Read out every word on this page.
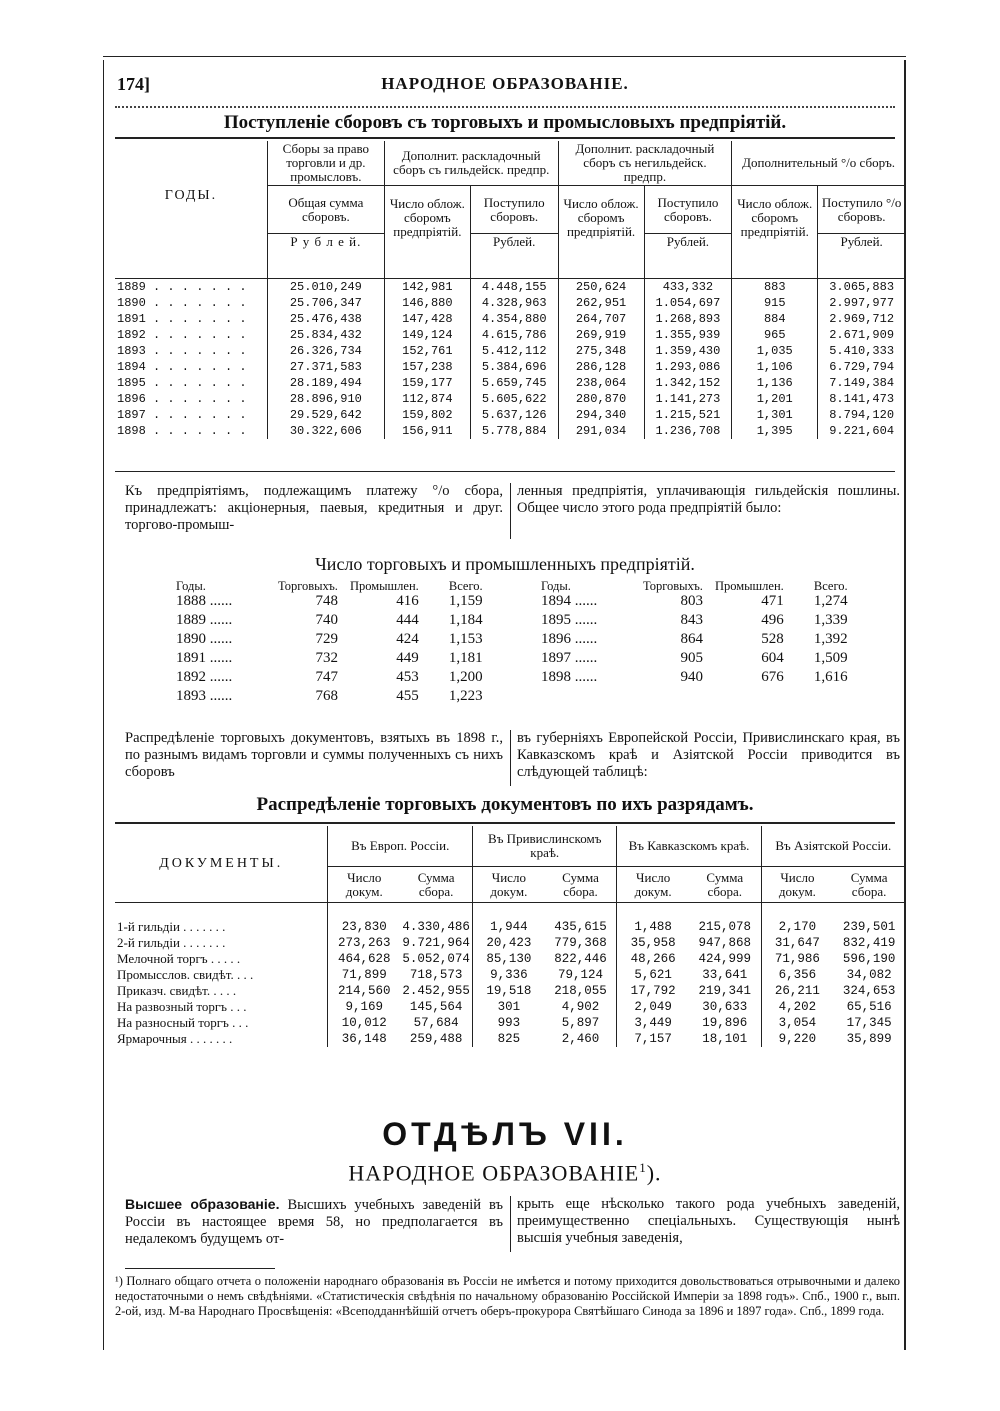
174]	НАРОДНОЕ ОБРАЗОВАНІЕ.
Поступленіе сборовъ съ торговыхъ и промысловыхъ предпріятій.
ГОДЫ.	Сборы за право торговли и др. промысловъ.	Дополнит. раскладочный сборъ съ гильдейск. предпр.		Дополнит. раскладочный сборъ съ негильдейск. предпр.		Дополнительный °/о сборъ.	
	Общая сумма сборовъ.	Число облож. сборомъ предпріятій.	Поступило сборовъ.	Число облож. сборомъ предпріятій.	Поступило сборовъ.	Число облож. сборомъ предпріятій.	Поступило °/о сборовъ.
	Р у б л е й.		Рублей.		Рублей.		Рублей.

1889 . . . . . . .	25.010,249	142,981	4.448,155	250,624	433,332	883	3.065,883
1890 . . . . . . .	25.706,347	146,880	4.328,963	262,951	1.054,697	915	2.997,977
1891 . . . . . . .	25.476,438	147,428	4.354,880	264,707	1.268,893	884	2.969,712
1892 . . . . . . .	25.834,432	149,124	4.615,786	269,919	1.355,939	965	2.671,909
1893 . . . . . . .	26.326,734	152,761	5.412,112	275,348	1.359,430	1,035	5.410,333
1894 . . . . . . .	27.371,583	157,238	5.384,696	286,128	1.293,086	1,106	6.729,794
1895 . . . . . . .	28.189,494	159,177	5.659,745	238,064	1.342,152	1,136	7.149,384
1896 . . . . . . .	28.896,910	112,874	5.605,622	280,870	1.141,273	1,201	8.141,473
1897 . . . . . . .	29.529,642	159,802	5.637,126	294,340	1.215,521	1,301	8.794,120
1898 . . . . . . .	30.322,606	156,911	5.778,884	291,034	1.236,708	1,395	9.221,604
Къ предпріятіямъ, подлежащимъ платежу °/о сбора, принадлежатъ: акціонерныя, паевыя, кредитныя и друг. торгово-промыш-
ленныя предпріятія, уплачивающія гильдейскія пошлины. Общее число этого рода предпріятій было:
Число торговыхъ и промышленныхъ предпріятій.
Годы.	Торговыхъ.	Промышлен.	Всего.
1888 ......	748	416	1,159
1889 ......	740	444	1,184
1890 ......	729	424	1,153
1891 ......	732	449	1,181
1892 ......	747	453	1,200
1893 ......	768	455	1,223
Годы.	Торговыхъ.	Промышлен.	Всего.
1894 ......	803	471	1,274
1895 ......	843	496	1,339
1896 ......	864	528	1,392
1897 ......	905	604	1,509
1898 ......	940	676	1,616
Распредѣленіе торговыхъ документовъ, взятыхъ въ 1898 г., по разнымъ видамъ торговли и суммы полученныхъ съ нихъ сборовъ
въ губерніяхъ Европейской Россіи, Привислинскаго края, въ Кавказскомъ краѣ и Азіятской Россіи приводится въ слѣдующей таблицѣ:
Распредѣленіе торговыхъ документовъ по ихъ разрядамъ.
ДОКУМЕНТЫ.	Въ Европ. Россіи.		Въ Привислинскомъ краѣ.		Въ Кавказскомъ краѣ.		Въ Азіятской Россіи.	
	Число докум.	Сумма сбора.	Число докум.	Сумма сбора.	Число докум.	Сумма сбора.	Число докум.	Сумма сбора.

1-й гильдіи . . . . . . .	23,830	4.330,486	1,944	435,615	1,488	215,078	2,170	239,501
2-й гильдіи . . . . . . .	273,263	9.721,964	20,423	779,368	35,958	947,868	31,647	832,419
Мелочной торгъ . . . . .	464,628	5.052,074	85,130	822,446	48,266	424,999	71,986	596,190
Промысслов. свидѣт. . . .	71,899	718,573	9,336	79,124	5,621	33,641	6,356	34,082
Приказч. свидѣт. . . . .	214,560	2.452,955	19,518	218,055	17,792	219,341	26,211	324,653
На развозный торгъ . . .	9,169	145,564	301	4,902	2,049	30,633	4,202	65,516
На разносный торгъ . . .	10,012	57,684	993	5,897	3,449	19,896	3,054	17,345
Ярмарочныя . . . . . . .	36,148	259,488	825	2,460	7,157	18,101	9,220	35,899
ОТДѢЛЪ VII.
НАРОДНОЕ ОБРАЗОВАНІЕ$^1$).
Высшее образованіе. Высшихъ учебныхъ заведеній въ Россіи въ настоящее время 58, но предполагается въ недалекомъ будущемъ от-
крыть еще нѣсколько такого рода учебныхъ заведеній, преимущественно спеціальныхъ. Существующія нынѣ высшія учебныя заведенія,
¹) Полнаго общаго отчета о положеніи народнаго образованія въ Россіи не имѣется и потому приходится довольствоваться отрывочными и далеко недостаточными о немъ свѣдѣніями. «Статистическія свѣдѣнія по начальному образованію Россійской Имперіи за 1898 годъ». Спб., 1900 г., вып. 2-ой, изд. М-ва Народнаго Просвѣщенія: «Всеподданнѣйшій отчетъ оберъ-прокурора Святѣйшаго Синода за 1896 и 1897 года». Спб., 1899 года.
